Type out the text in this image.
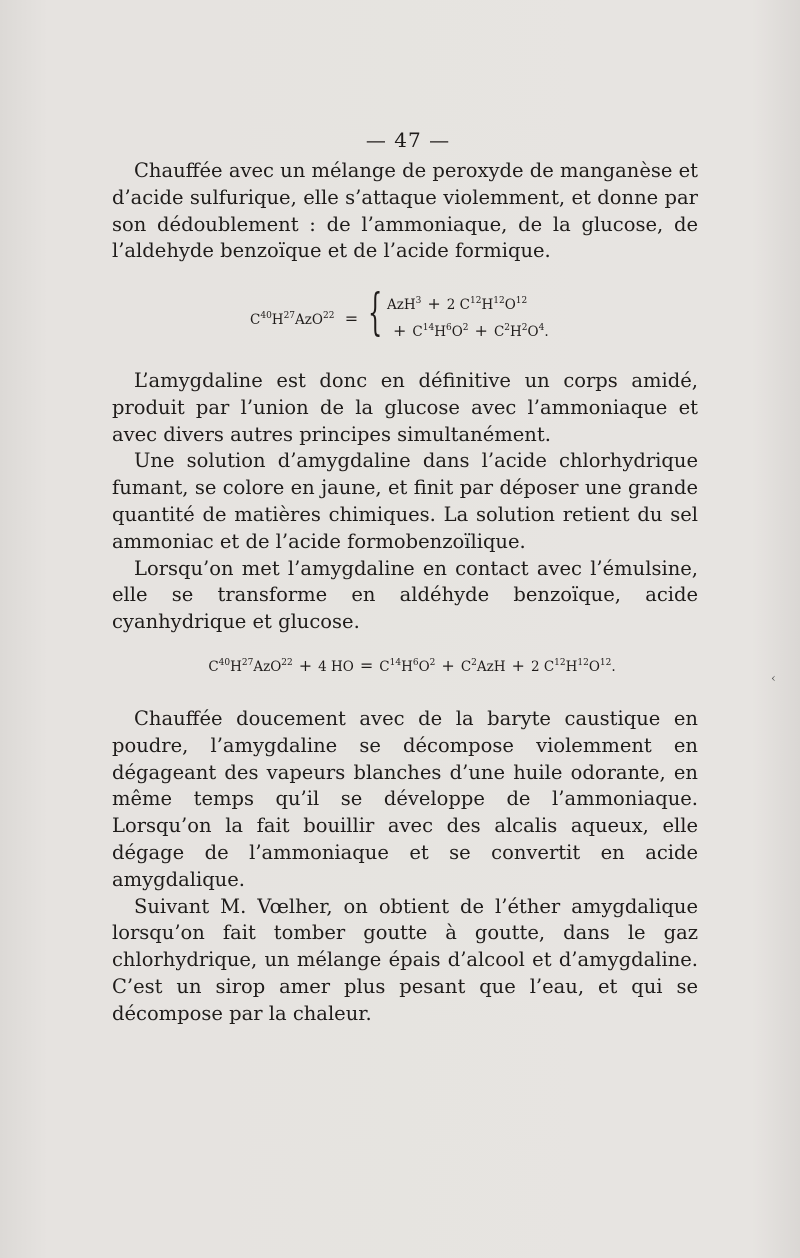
— 47 —

Chauffée avec un mélange de peroxyde de manganèse et d’acide sulfurique, elle s’attaque violemment, et donne par son dédoublement : de l’ammoniaque, de la glucose, de l’aldehyde benzoïque et de l’acide formique.

$C^{40}H^{27}AzO^{22}$ = { AzH$^3$ + 2 $C^{12}H^{12}O^{12}$
+ $C^{14}H^6O^2 + C^2H^2O^4$.

L’amygdaline est donc en définitive un corps amidé, produit par l’union de la glucose avec l’ammoniaque et avec divers autres principes simultanément.

Une solution d’amygdaline dans l’acide chlorhydrique fumant, se colore en jaune, et finit par déposer une grande quantité de matières chimiques. La solution retient du sel ammoniac et de l’acide formobenzoïlique.

Lorsqu’on met l’amygdaline en contact avec l’émulsine, elle se transforme en aldéhyde benzoïque, acide cyanhydrique et glucose.

$C^{40}H^{27}AzO^{22} + 4$ HO = $C^{14}H^6O^2 + C^2AzH + 2$ $C^{12}H^{12}O^{12}$.
‹

Chauffée doucement avec de la baryte caustique en poudre, l’amygdaline se décompose violemment en dégageant des vapeurs blanches d’une huile odorante, en même temps qu’il se développe de l’ammoniaque. Lorsqu’on la fait bouillir avec des alcalis aqueux, elle dégage de l’ammoniaque et se convertit en acide amygdalique.

Suivant M. Vœlher, on obtient de l’éther amygdalique lorsqu’on fait tomber goutte à goutte, dans le gaz chlorhydrique, un mélange épais d’alcool et d’amygdaline. C’est un sirop amer plus pesant que l’eau, et qui se décompose par la chaleur.
